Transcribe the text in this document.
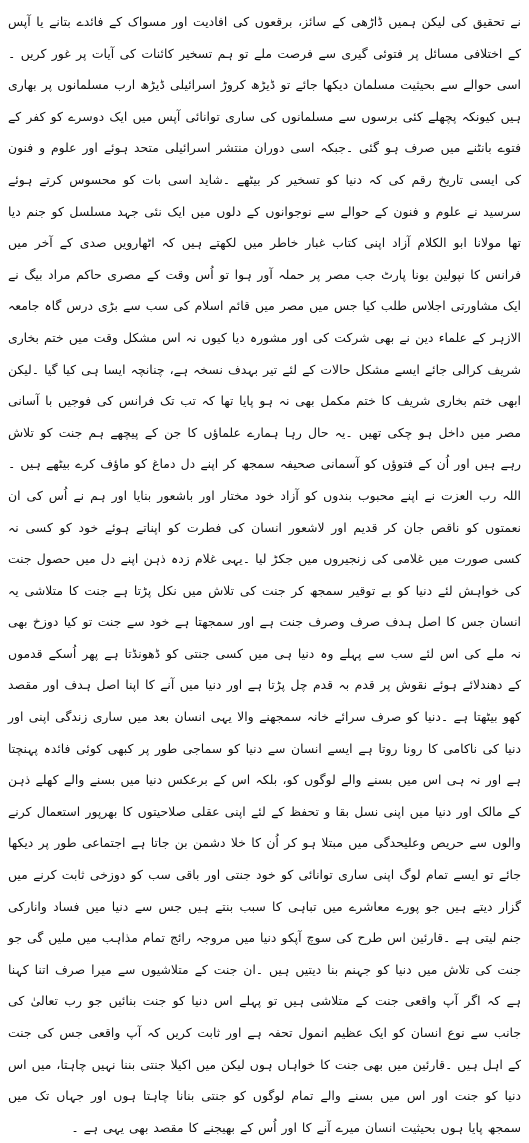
نے تحقیق کی لیکن ہمیں ڈاڑھی کے سائز، برقعوں کی افادیت اور مسواک کے فائدے بتانے یا آپس کے اختلافی مسائل پر فتوئی گیری سے فرصت ملے تو ہم تسخیر کائنات کی آیات پر غور کریں ۔اسی حوالے سے بحیثیت مسلمان دیکھا جائے تو ڈیڑھ کروڑ اسرائیلی ڈیڑھ ارب مسلمانوں پر بھاری ہیں کیونکہ پچھلے کئی برسوں سے مسلمانوں کی ساری توانائی آپس میں ایک دوسرے کو کفر کے فتوے بانٹنے میں صرف ہو گئی ۔جبکہ اسی دوران منتشر اسرائیلی متحد ہوئے اور علوم و فنون کی ایسی تاریخ رقم کی کہ دنیا کو تسخیر کر بیٹھے ۔شاید اسی بات کو محسوس کرتے ہوئے سرسید نے علوم و فنون کے حوالے سے نوجوانوں کے دلوں میں ایک نئی جہد مسلسل کو جنم دیا تھا مولانا ابو الکلام آزاد اپنی کتاب غبار خاطر میں لکھتے ہیں کہ اٹھارویں صدی کے آخر میں فرانس کا نپولین بونا پارٹ جب مصر پر حملہ آور ہوا تو اُس وقت کے مصری حاکم مراد بیگ نے ایک مشاورتی اجلاس طلب کیا جس میں مصر میں قائم اسلام کی سب سے بڑی درس گاہ جامعہ الازہر کے علماء دین نے بھی شرکت کی اور مشورہ دیا کیوں نہ اس مشکل وقت میں ختم بخاری شریف کرالی جائے ایسے مشکل حالات کے لئے تیر بہدف نسخہ ہے، چنانچہ ایسا ہی کیا گیا ۔لیکن ابھی ختم بخاری شریف کا ختم مکمل بھی نہ ہو پایا تھا کہ تب تک فرانس کی فوجیں با آسانی مصر میں داخل ہو چکی تھیں ۔یہ حال رہا ہمارے علماؤں کا جن کے پیچھے ہم جنت کو تلاش رہے ہیں اور اُن کے فتوؤں کو آسمانی صحیفہ سمجھ کر اپنے دل دماغ کو ماؤف کرے بیٹھے ہیں ۔اللہ رب العزت نے اپنے محبوب بندوں کو آزاد خود مختار اور باشعور بنایا اور ہم نے اُس کی ان نعمتوں کو ناقص جان کر قدیم اور لاشعور انسان کی فطرت کو اپناتے ہوئے خود کو کسی نہ کسی صورت میں غلامی کی زنجیروں میں جکڑ لیا ۔یہی غلام زدہ ذہن اپنے دل میں حصول جنت کی خواہش لئے دنیا کو بے توقیر سمجھ کر جنت کی تلاش میں نکل پڑتا ہے جنت کا متلاشی یہ انسان جس کا اصل ہدف صرف وصرف جنت ہے اور سمجھتا ہے خود سے جنت تو کیا دوزخ بھی نہ ملے کی اس لئے سب سے پہلے وہ دنیا ہی میں کسی جنتی کو ڈھونڈتا ہے پھر اُسکے قدموں کے دھندلائے ہوئے نقوش پر قدم بہ قدم چل پڑتا ہے اور دنیا میں آنے کا اپنا اصل ہدف اور مقصد کھو بیٹھتا ہے ۔دنیا کو صرف سرائے خانہ سمجھنے والا یہی انسان بعد میں ساری زندگی اپنی اور دنیا کی ناکامی کا رونا روتا ہے ایسے انسان سے دنیا کو سماجی طور پر کبھی کوئی فائدہ پہنچتا ہے اور نہ ہی اس میں بسنے والے لوگوں کو، بلکہ اس کے برعکس دنیا میں بسنے والے کھلے ذہن کے مالک اور دنیا میں اپنی نسل بقا و تحفظ کے لئے اپنی عقلی صلاحیتوں کا بھرپور استعمال کرنے والوں سے حریص وعلیحدگی میں مبتلا ہو کر اُن کا خلا دشمن بن جاتا ہے اجتماعی طور پر دیکھا جائے تو ایسے تمام لوگ اپنی ساری توانائی کو خود جنتی اور باقی سب کو دوزخی ثابت کرنے میں گزار دیتے ہیں جو پورے معاشرے میں تباہی کا سبب بنتے ہیں جس سے دنیا میں فساد وانارکی جنم لیتی ہے ۔قارئین اس طرح کی سوچ آپکو دنیا میں مروجہ رائج تمام مذاہب میں ملیں گی جو جنت کی تلاش میں دنیا کو جہنم بنا دیتیں ہیں ۔ان جنت کے متلاشیوں سے میرا صرف اتنا کہنا ہے کہ اگر آپ واقعی جنت کے متلاشی ہیں تو پہلے اس دنیا کو جنت بنائیں جو رب تعالیٰ کی جانب سے نوع انسان کو ایک عظیم انمول تحفہ ہے اور ثابت کریں کہ آپ واقعی جس کی جنت کے اہل ہیں ۔قارئین میں بھی جنت کا خواہاں ہوں لیکن میں اکیلا جنتی بننا نہیں چاہتا، میں اس دنیا کو جنت اور اس میں بسنے والے تمام لوگوں کو جنتی بنانا چاہتا ہوں اور جہاں تک میں سمجھ پایا ہوں بحیثیت انسان میرے آنے کا اور اُس کے بھیجنے کا مقصد بھی یہی ہے ۔
